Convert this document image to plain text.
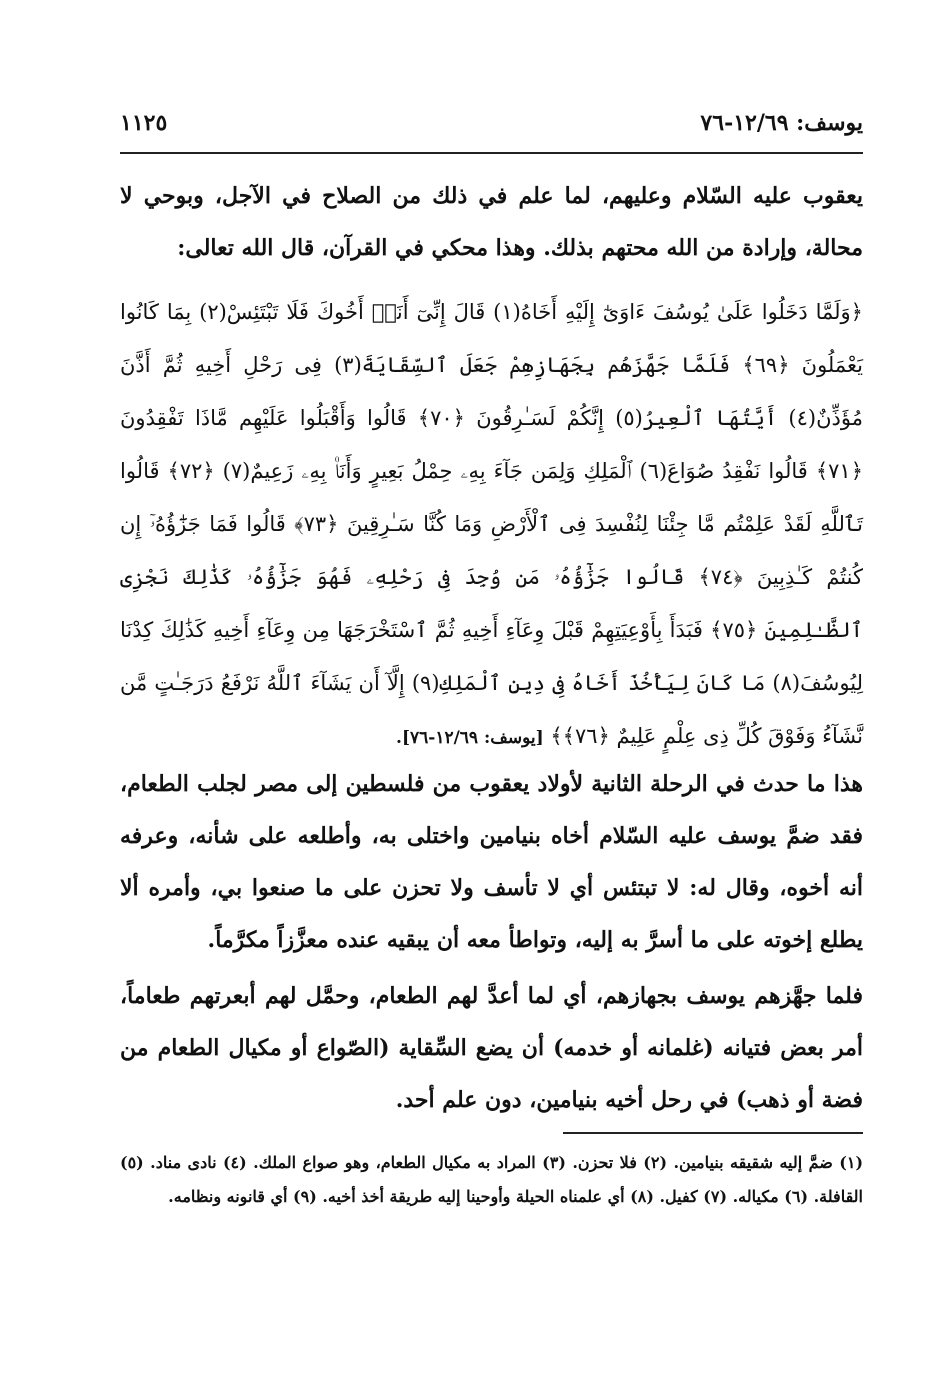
يوسف: ١٢/٦٩-٧٦
١١٢٥

يعقوب عليه السّلام وعليهم، لما علم في ذلك من الصلاح في الآجل، وبوحي لا محالة، وإرادة من الله محتهم بذلك. وهذا محكي في القرآن، قال الله تعالى:

﴿وَلَمَّا دَخَلُوا عَلَىٰ يُوسُفَ ءَاوَىٰٓ إِلَيْهِ أَخَاهُ(١) قَالَ إِنِّىٓ أَنَا۠ أَخُوكَ فَلَا تَبْتَئِسْ(٢) بِمَا كَانُوا يَعْمَلُونَ ﴿٦٩﴾ فَلَمَّا جَهَّزَهُم بِجَهَازِهِمْ جَعَلَ ٱلسِّقَايَةَ(٣) فِى رَحْلِ أَخِيهِ ثُمَّ أَذَّنَ مُؤَذِّنٌ(٤) أَيَّتُهَا ٱلْعِيرُ(٥) إِنَّكُمْ لَسَـٰرِقُونَ ﴿٧٠﴾ قَالُوا وَأَقْبَلُوا عَلَيْهِم مَّاذَا تَفْقِدُونَ ﴿٧١﴾ قَالُوا نَفْقِدُ صُوَاعَ(٦) ٱلْمَلِكِ وَلِمَن جَآءَ بِهِۦ حِمْلُ بَعِيرٍ وَأَنَا۠ بِهِۦ زَعِيمٌ(٧) ﴿٧٢﴾ قَالُوا تَٱللَّهِ لَقَدْ عَلِمْتُم مَّا جِئْنَا لِنُفْسِدَ فِى ٱلْأَرْضِ وَمَا كُنَّا سَـٰرِقِينَ ﴿٧٣﴾ قَالُوا فَمَا جَزَٰٓؤُهُۥٓ إِن كُنتُمْ كَـٰذِبِينَ ﴿٧٤﴾ قَالُوا جَزَٰٓؤُهُۥ مَن وُجِدَ فِى رَحْلِهِۦ فَهُوَ جَزَٰٓؤُهُۥ كَذَٰلِكَ نَجْزِى ٱلظَّـٰلِمِينَ ﴿٧٥﴾ فَبَدَأَ بِأَوْعِيَتِهِمْ قَبْلَ وِعَآءِ أَخِيهِ ثُمَّ ٱسْتَخْرَجَهَا مِن وِعَآءِ أَخِيهِ كَذَٰلِكَ كِدْنَا لِيُوسُفَ(٨) مَا كَانَ لِيَأْخُذَ أَخَاهُ فِى دِينِ ٱلْمَلِكِ(٩) إِلَّآ أَن يَشَآءَ ٱللَّهُ نَرْفَعُ دَرَجَـٰتٍ مَّن نَّشَآءُ وَفَوْقَ كُلِّ ذِى عِلْمٍ عَلِيمٌ ﴿٧٦﴾﴾ [يوسف: ١٢/٦٩-٧٦].

هذا ما حدث في الرحلة الثانية لأولاد يعقوب من فلسطين إلى مصر لجلب الطعام، فقد ضمَّ يوسف عليه السّلام أخاه بنيامين واختلى به، وأطلعه على شأنه، وعرفه أنه أخوه، وقال له: لا تبتئس أي لا تأسف ولا تحزن على ما صنعوا بي، وأمره ألا يطلع إخوته على ما أسرَّ به إليه، وتواطأ معه أن يبقيه عنده معزَّزاً مكرَّماً.

فلما جهَّزهم يوسف بجهازهم، أي لما أعدَّ لهم الطعام، وحمَّل لهم أبعرتهم طعاماً، أمر بعض فتيانه (غلمانه أو خدمه) أن يضع السِّقاية (الصّواع أو مكيال الطعام من فضة أو ذهب) في رحل أخيه بنيامين، دون علم أحد.

(١) ضمَّ إليه شقيقه بنيامين. (٢) فلا تحزن. (٣) المراد به مكيال الطعام، وهو صواع الملك. (٤) نادى مناد. (٥) القافلة. (٦) مكياله. (٧) كفيل. (٨) أي علمناه الحيلة وأوحينا إليه طريقة أخذ أخيه. (٩) أي قانونه ونظامه.
